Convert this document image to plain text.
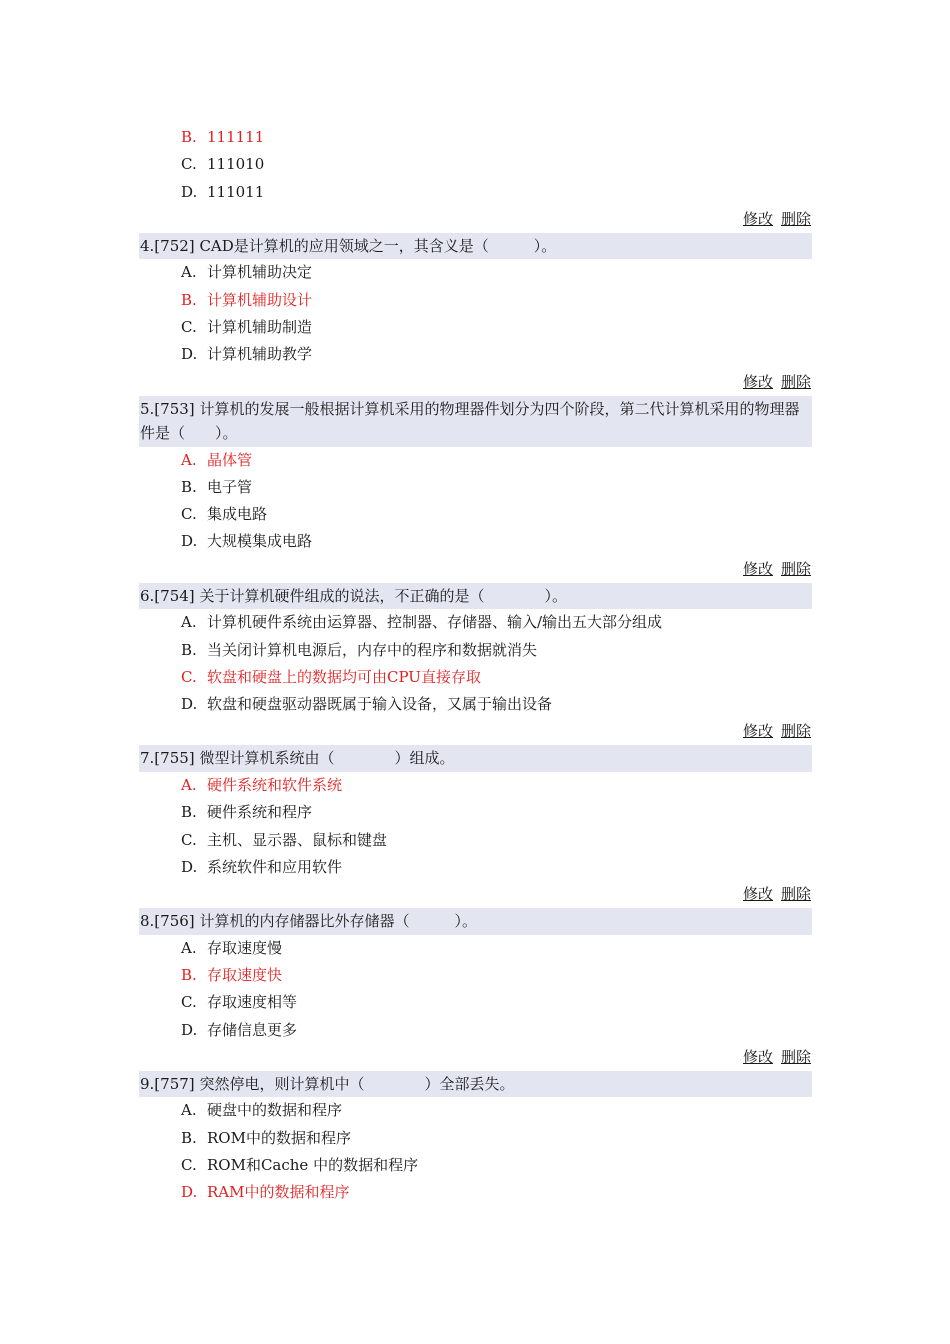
B. 111111
C. 111010
D. 111011
修改 删除
4.[752] CAD是计算机的应用领域之一，其含义是（　　　）。
A. 计算机辅助决定
B. 计算机辅助设计
C. 计算机辅助制造
D. 计算机辅助教学
修改 删除
5.[753] 计算机的发展一般根据计算机采用的物理器件划分为四个阶段，第二代计算机采用的物理器件是（　　）。
A. 晶体管
B. 电子管
C. 集成电路
D. 大规模集成电路
修改 删除
6.[754] 关于计算机硬件组成的说法，不正确的是（　　　　）。
A. 计算机硬件系统由运算器、控制器、存储器、输入/输出五大部分组成
B. 当关闭计算机电源后，内存中的程序和数据就消失
C. 软盘和硬盘上的数据均可由CPU直接存取
D. 软盘和硬盘驱动器既属于输入设备，又属于输出设备
修改 删除
7.[755] 微型计算机系统由（　　　　）组成。
A. 硬件系统和软件系统
B. 硬件系统和程序
C. 主机、显示器、鼠标和键盘
D. 系统软件和应用软件
修改 删除
8.[756] 计算机的内存储器比外存储器（　　　）。
A. 存取速度慢
B. 存取速度快
C. 存取速度相等
D. 存储信息更多
修改 删除
9.[757] 突然停电，则计算机中（　　　　）全部丢失。
A. 硬盘中的数据和程序
B. ROM中的数据和程序
C. ROM和Cache 中的数据和程序
D. RAM中的数据和程序
